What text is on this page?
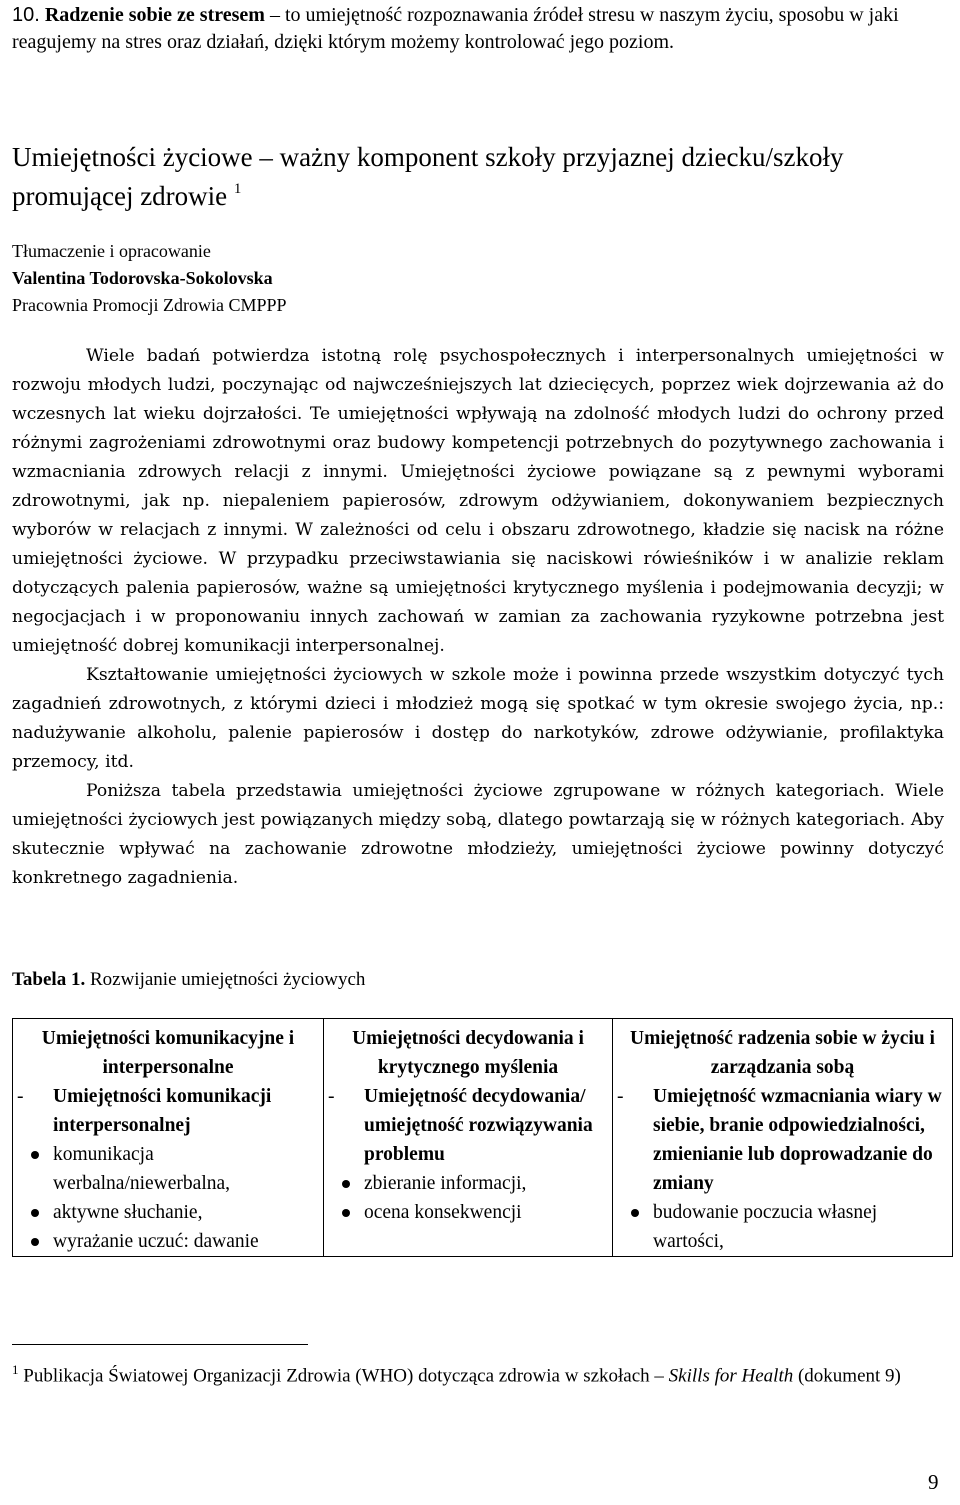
10. Radzenie sobie ze stresem – to umiejętność rozpoznawania źródeł stresu w naszym życiu, sposobu w jaki reagujemy na stres oraz działań, dzięki którym możemy kontrolować jego poziom.
Umiejętności życiowe – ważny komponent szkoły przyjaznej dziecku/szkoły promującej zdrowie $^1$
Tłumaczenie i opracowanie
Valentina Todorovska-Sokolovska
Pracownia Promocji Zdrowia CMPPP

Wiele badań potwierdza istotną rolę psychospołecznych i interpersonalnych umiejętności w rozwoju młodych ludzi, poczynając od najwcześniejszych lat dziecięcych, poprzez wiek dojrzewania aż do wczesnych lat wieku dojrzałości. Te umiejętności wpływają na zdolność młodych ludzi do ochrony przed różnymi zagrożeniami zdrowotnymi oraz budowy kompetencji potrzebnych do pozytywnego zachowania i wzmacniania zdrowych relacji z innymi. Umiejętności życiowe powiązane są z pewnymi wyborami zdrowotnymi, jak np. niepaleniem papierosów, zdrowym odżywianiem, dokonywaniem bezpiecznych wyborów w relacjach z innymi. W zależności od celu i obszaru zdrowotnego, kładzie się nacisk na różne umiejętności życiowe. W przypadku przeciwstawiania się naciskowi rówieśników i w analizie reklam dotyczących palenia papierosów, ważne są umiejętności krytycznego myślenia i podejmowania decyzji; w negocjacjach i w proponowaniu innych zachowań w zamian za zachowania ryzykowne potrzebna jest umiejętność dobrej komunikacji interpersonalnej.

Kształtowanie umiejętności życiowych w szkole może i powinna przede wszystkim dotyczyć tych zagadnień zdrowotnych, z którymi dzieci i młodzież mogą się spotkać w tym okresie swojego życia, np.: nadużywanie alkoholu, palenie papierosów i dostęp do narkotyków, zdrowe odżywianie, profilaktyka przemocy, itd.

Poniższa tabela przedstawia umiejętności życiowe zgrupowane w różnych kategoriach. Wiele umiejętności życiowych jest powiązanych między sobą, dlatego powtarzają się w różnych kategoriach. Aby skutecznie wpływać na zachowanie zdrowotne młodzieży, umiejętności życiowe powinny dotyczyć konkretnego zagadnienia.

Tabela 1. Rozwijanie umiejętności życiowych
Umiejętności komunikacyjne i interpersonalne
-	Umiejętności komunikacji interpersonalnej
komunikacja werbalna/niewerbalna,
aktywne słuchanie,
wyrażanie uczuć: dawanie

Umiejętności decydowania i krytycznego myślenia
-	Umiejętność decydowania/ umiejętność rozwiązywania problemu
zbieranie informacji,
ocena konsekwencji

Umiejętność radzenia sobie w życiu i zarządzania sobą
-	Umiejętność wzmacniania wiary w siebie, branie odpowiedzialności, zmienianie lub doprowadzanie do zmiany
budowanie poczucia własnej wartości,
$^1$ Publikacja Światowej Organizacji Zdrowia (WHO) dotycząca zdrowia w szkołach – Skills for Health (dokument 9)
9
